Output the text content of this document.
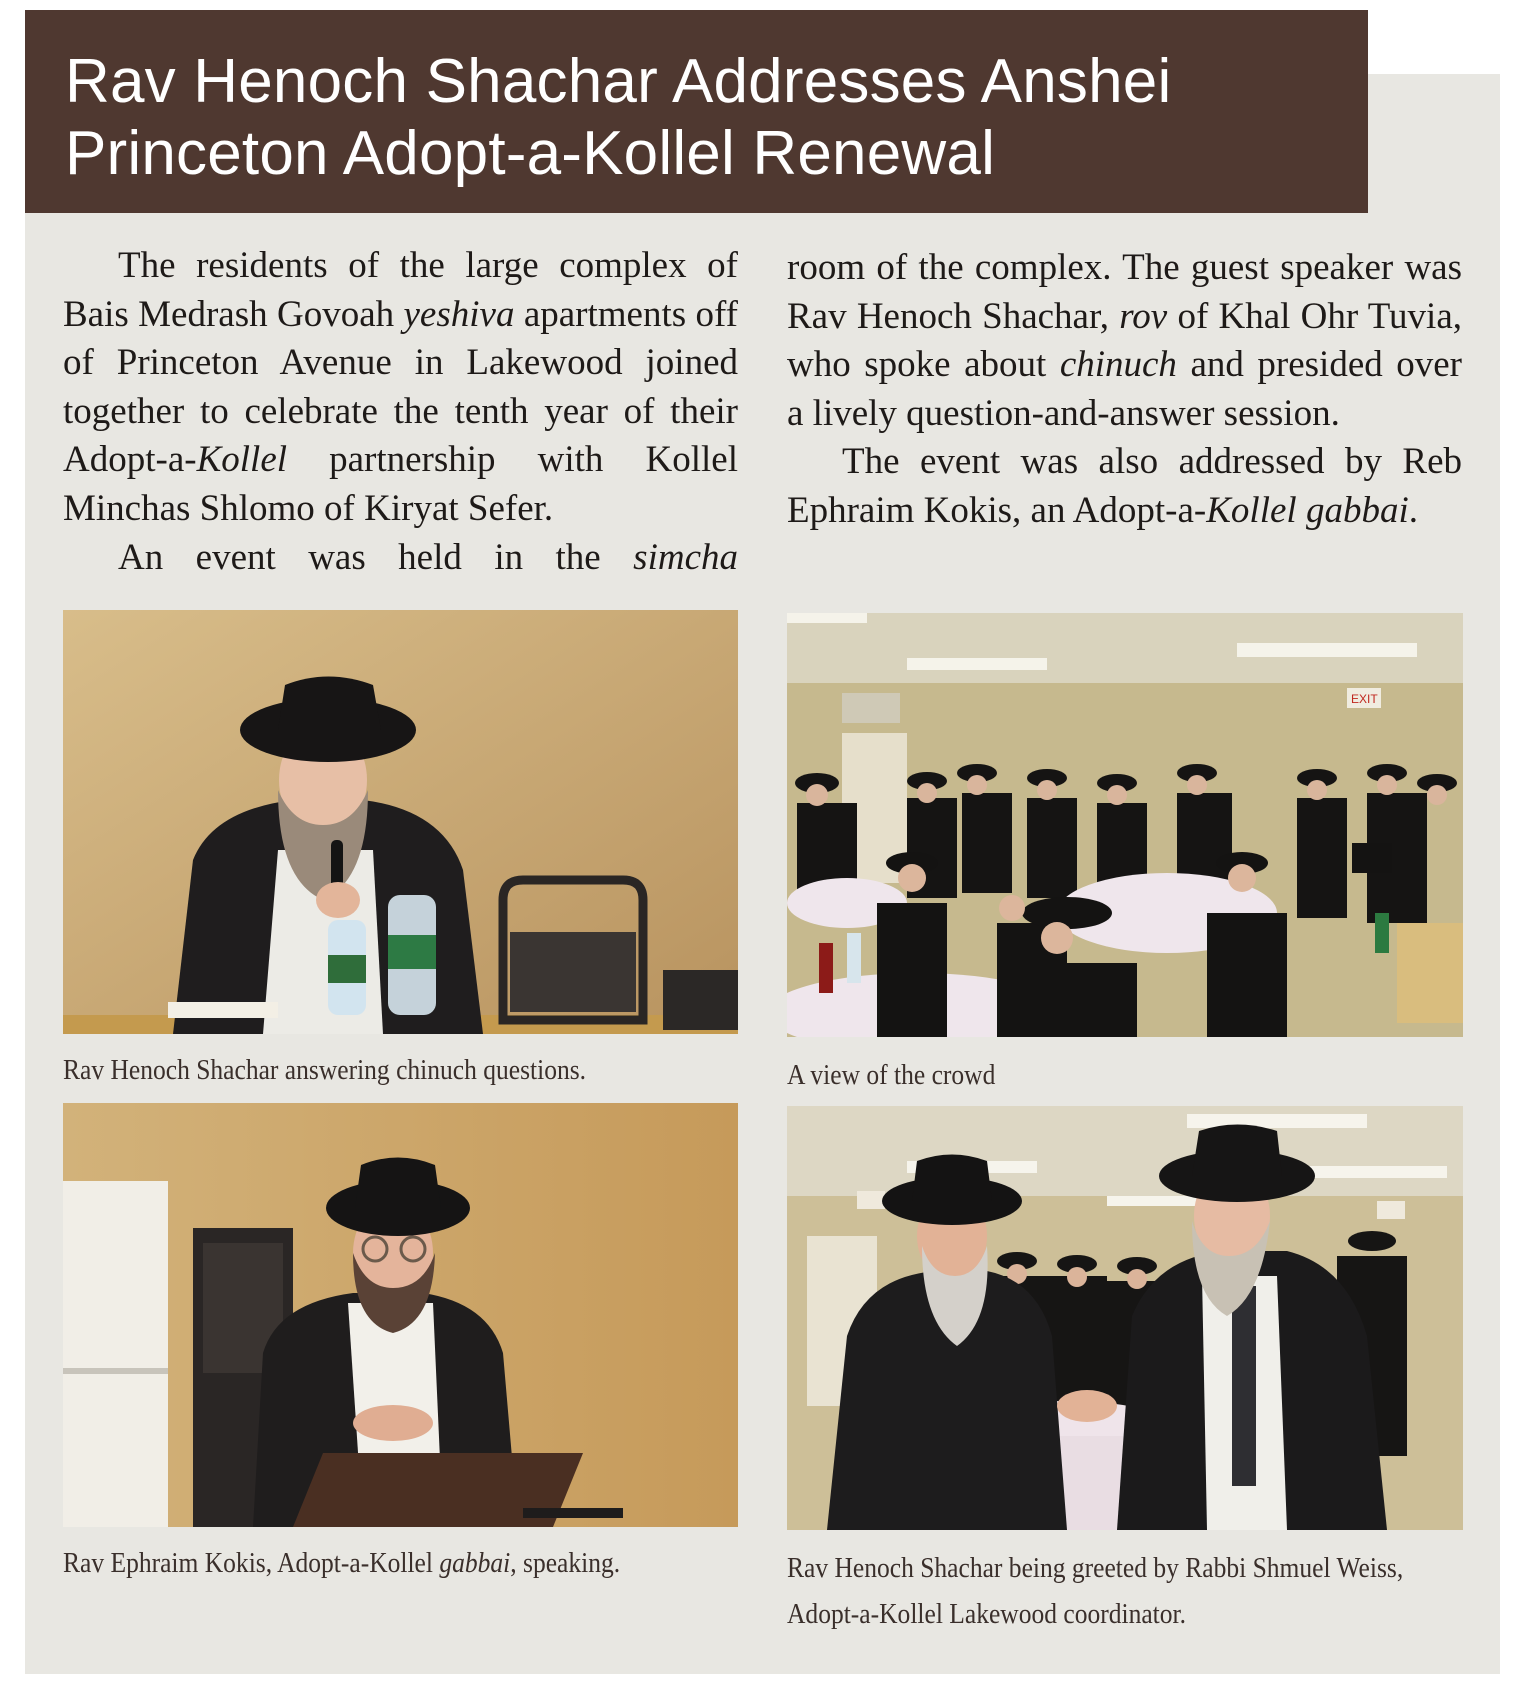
Rav Henoch Shachar Addresses Anshei
Princeton Adopt-a-Kollel Renewal

The residents of the large complex of Bais Medrash Govoah yeshiva apartments off of Princeton Avenue in Lakewood joined together to celebrate the tenth year of their Adopt-a-Kollel partnership with Kollel Minchas Shlomo of Kiryat Sefer.

An event was held in the simcha

room of the complex. The guest speaker was Rav Henoch Shachar, rov of Khal Ohr Tuvia, who spoke about chinuch and presided over a lively question-and-answer session.

The event was also addressed by Reb Ephraim Kokis, an Adopt-a-Kollel gabbai.

Rav Henoch Shachar answering chinuch questions.
EXIT
A view of the crowd
Rav Ephraim Kokis, Adopt-a-Kollel gabbai, speaking.	Rav Henoch Shachar being greeted by Rabbi Shmuel Weiss,
Adopt-a-Kollel Lakewood coordinator.
